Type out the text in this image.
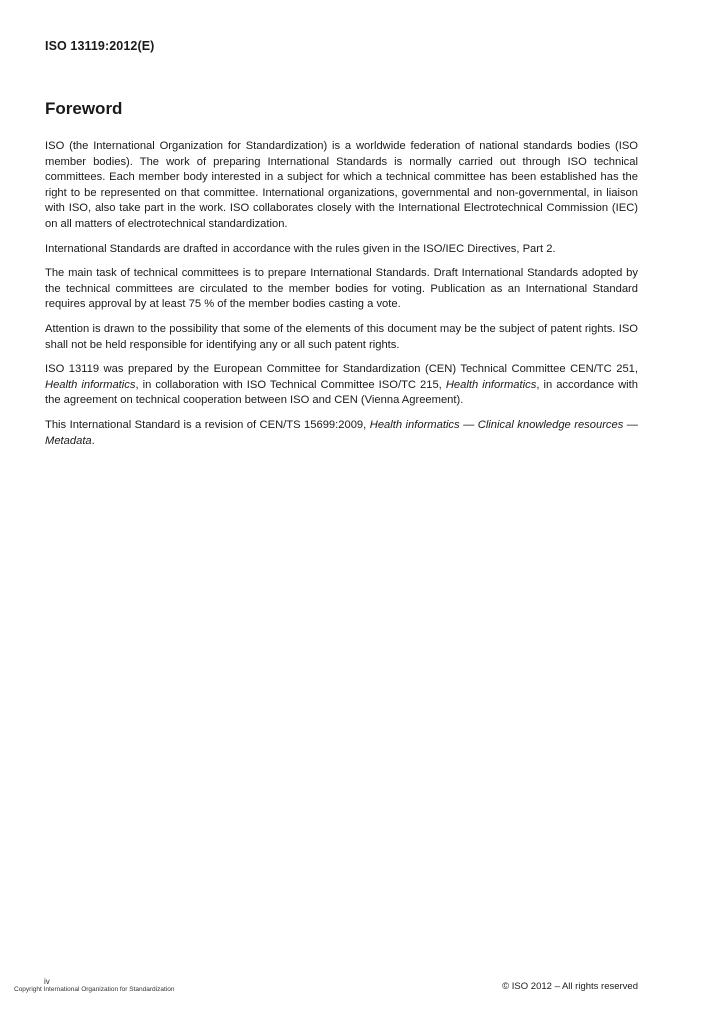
ISO 13119:2012(E)
Foreword

ISO (the International Organization for Standardization) is a worldwide federation of national standards bodies (ISO member bodies). The work of preparing International Standards is normally carried out through ISO technical committees. Each member body interested in a subject for which a technical committee has been established has the right to be represented on that committee. International organizations, governmental and non-governmental, in liaison with ISO, also take part in the work. ISO collaborates closely with the International Electrotechnical Commission (IEC) on all matters of electrotechnical standardization.

International Standards are drafted in accordance with the rules given in the ISO/IEC Directives, Part 2.

The main task of technical committees is to prepare International Standards. Draft International Standards adopted by the technical committees are circulated to the member bodies for voting. Publication as an International Standard requires approval by at least 75 % of the member bodies casting a vote.

Attention is drawn to the possibility that some of the elements of this document may be the subject of patent rights. ISO shall not be held responsible for identifying any or all such patent rights.

ISO 13119 was prepared by the European Committee for Standardization (CEN) Technical Committee CEN/TC 251, Health informatics, in collaboration with ISO Technical Committee ISO/TC 215, Health informatics, in accordance with the agreement on technical cooperation between ISO and CEN (Vienna Agreement).

This International Standard is a revision of CEN/TS 15699:2009, Health informatics — Clinical knowledge resources — Metadata.

iv
Copyright International Organization for Standardization	© ISO 2012 – All rights reserved
